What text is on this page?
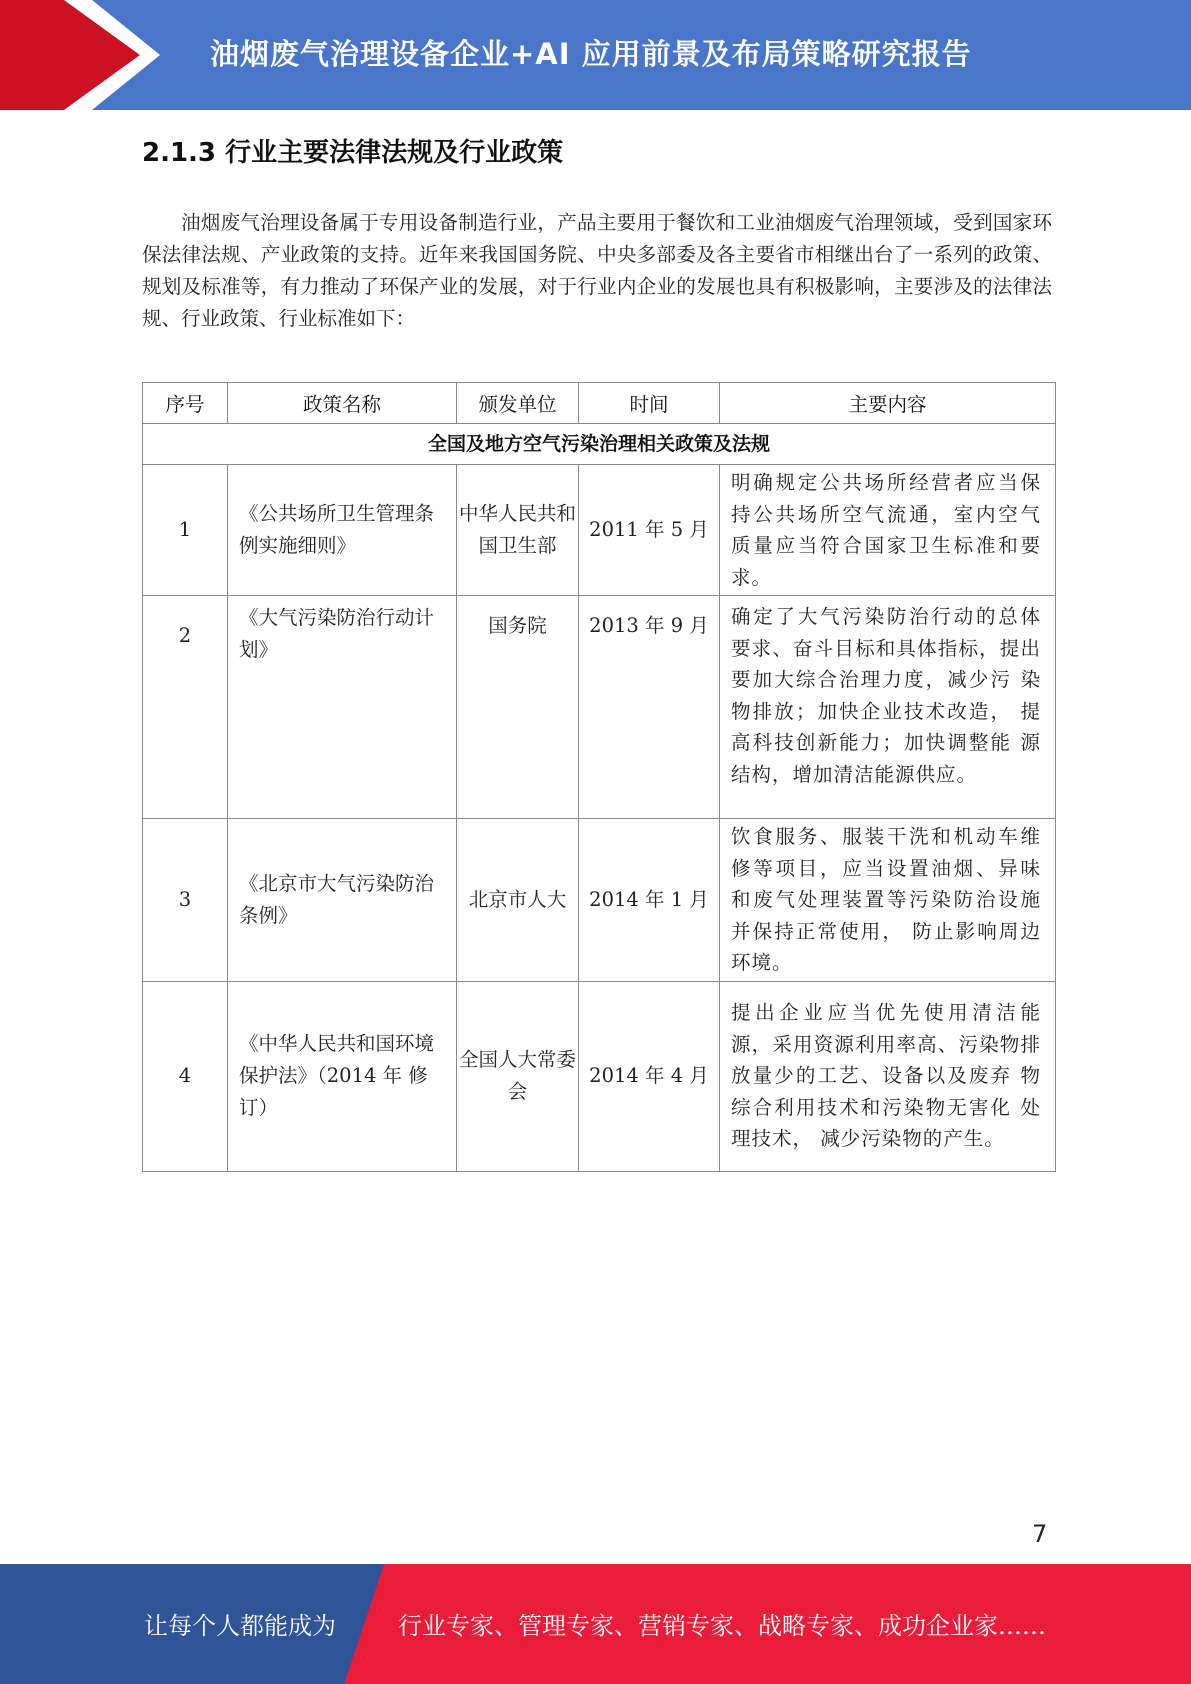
油烟废气治理设备企业+AI 应用前景及布局策略研究报告
2.1.3 行业主要法律法规及行业政策

油烟废气治理设备属于专用设备制造行业，产品主要用于餐饮和工业油烟废气治理领域，受到国家环保法律法规、产业政策的支持。近年来我国国务院、中央多部委及各主要省市相继出台了一系列的政策、规划及标准等，有力推动了环保产业的发展，对于行业内企业的发展也具有积极影响，主要涉及的法律法规、行业政策、行业标准如下：

序号	政策名称	颁发单位	时间	主要内容
全国及地方空气污染治理相关政策及法规				
1	《公共场所卫生管理条例实施细则》	中华人民共和国卫生部	2011 年 5 月	明确规定公共场所经营者应当保 持公共场所空气流通，室内空气 质量应当符合国家卫生标准和要 求。
2	《大气污染防治行动计划》	国务院	2013 年 9 月	确定了大气污染防治行动的总体 要求、奋斗目标和具体指标，提出要加大综合治理力度，减少污 染物排放；加快企业技术改造， 提高科技创新能力；加快调整能 源结构，增加清洁能源供应。
3	《北京市大气污染防治条例》	北京市人大	2014 年 1 月	饮食服务、服装干洗和机动车维 修等项目，应当设置油烟、异味 和废气处理装置等污染防治设施 并保持正常使用， 防止影响周边 环境。
4	《中华人民共和国环境保护法》（2014 年 修订）	全国人大常委会	2014 年 4 月	提出企业应当优先使用清洁能 源，采用资源利用率高、污染物排放量少的工艺、设备以及废弃 物综合利用技术和污染物无害化 处理技术， 减少污染物的产生。
7
让每个人都能成为	行业专家、管理专家、营销专家、战略专家、成功企业家……
